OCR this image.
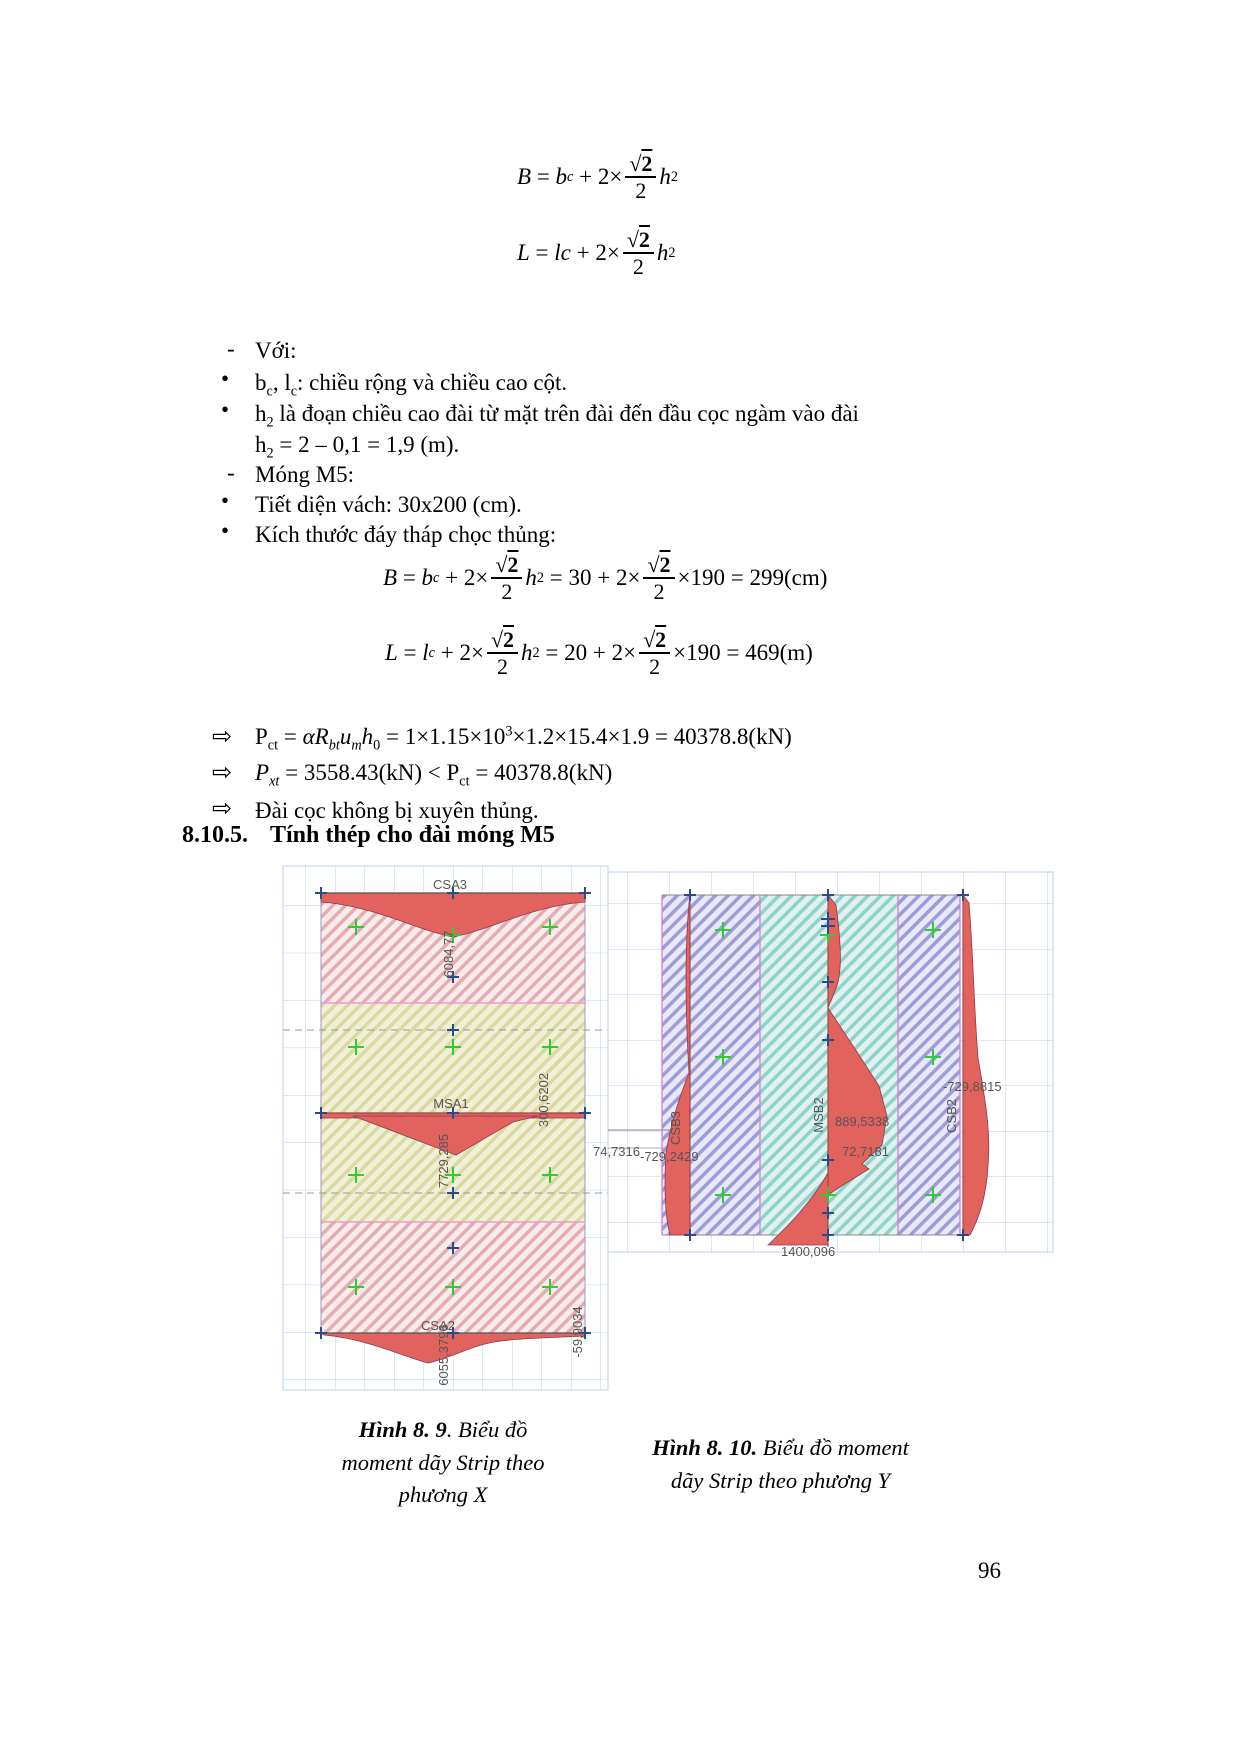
B = b $c + 2\times \frac{√2}{2}$ h 2
L = lc + $2\times \frac{√2}{2}$ h 2
- Với:
• $b_c$, $l_c$: chiều rộng và chiều cao cột.
• $h_2$ là đoạn chiều cao đài từ mặt trên đài đến đầu cọc ngàm vào đài
$h_2 = 2 - 0,1 = 1,9$ (m).
- Móng M5:
• Tiết diện vách: 30x200 (cm).
• Kích thước đáy tháp chọc thủng:
B = b $c + 2\times \frac{√2}{2}$ h $2 = 30 + 2\times \frac{√2}{2} \times 190 = 299(cm)$
L = l $c + 2\times \frac{√2}{2}$ h $2 = 20 + 2\times \frac{√2}{2} \times 190 = 469(m)$
⇨ $P_{ct} = \alpha R_{bt}u_mh_0 = 1\times 1.15\times 10^3\times 1.2\times 15.4\times 1.9 = 40378.8(kN)$
⇨ $P_{xt} = 3558.43(kN) < P_{ct} = 40378.8(kN)$
⇨ Đài cọc không bị xuyên thủng.
8.10.5. Tính thép cho đài móng M5
CSA3
6084,77
MSA1
7729,285
300,6202
CSA2
6055,3796	-59,9034
CSB3
-729,2429
MSB2 889,5338
1400,096
CSB2
-729,8815
74,7316	72,7181
Hình 8. 9. Biểu đồ
moment dãy Strip theo
phương X
Hình 8. 10. Biểu đồ moment
dãy Strip theo phương Y
96
